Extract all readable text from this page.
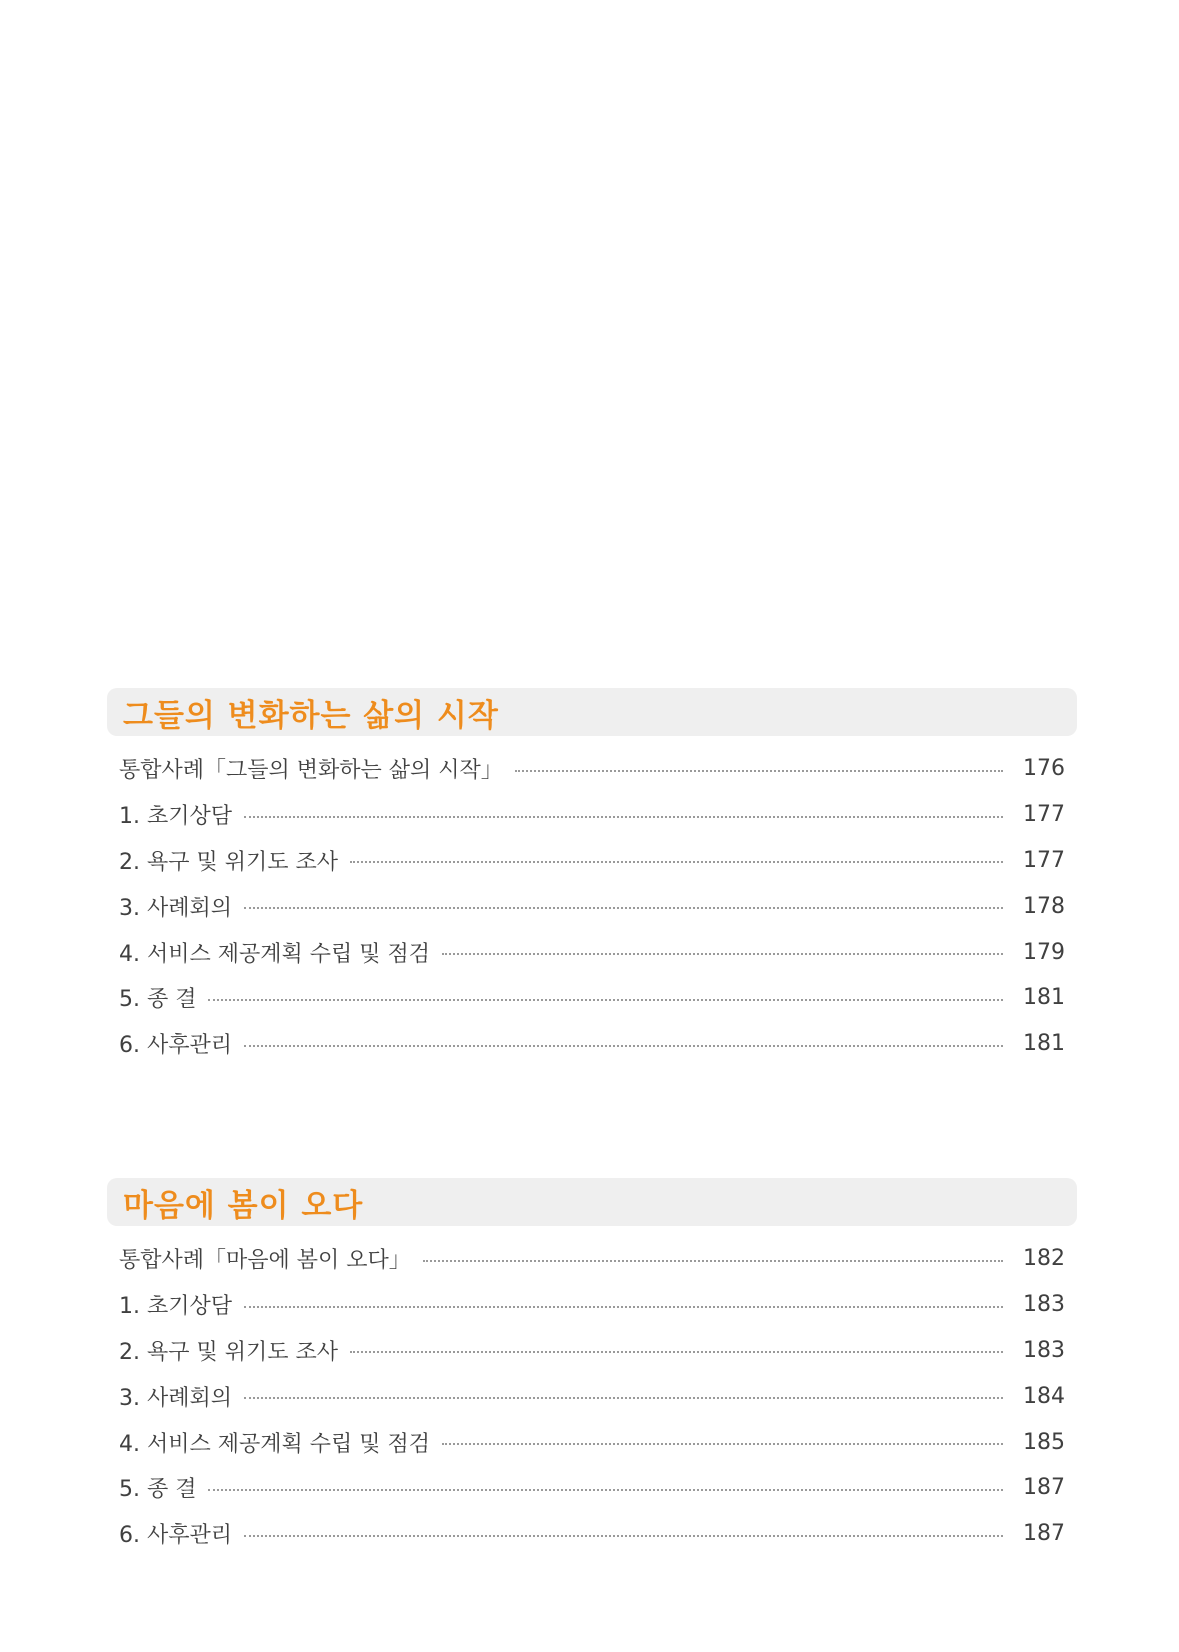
그들의 변화하는 삶의 시작
통합사례「그들의 변화하는 삶의 시작」	176
1. 초기상담	177
2. 욕구 및 위기도 조사	177
3. 사례회의	178
4. 서비스 제공계획 수립 및 점검	179
5. 종 결	181
6. 사후관리	181
마음에 봄이 오다
통합사례「마음에 봄이 오다」	182
1. 초기상담	183
2. 욕구 및 위기도 조사	183
3. 사례회의	184
4. 서비스 제공계획 수립 및 점검	185
5. 종 결	187
6. 사후관리	187
